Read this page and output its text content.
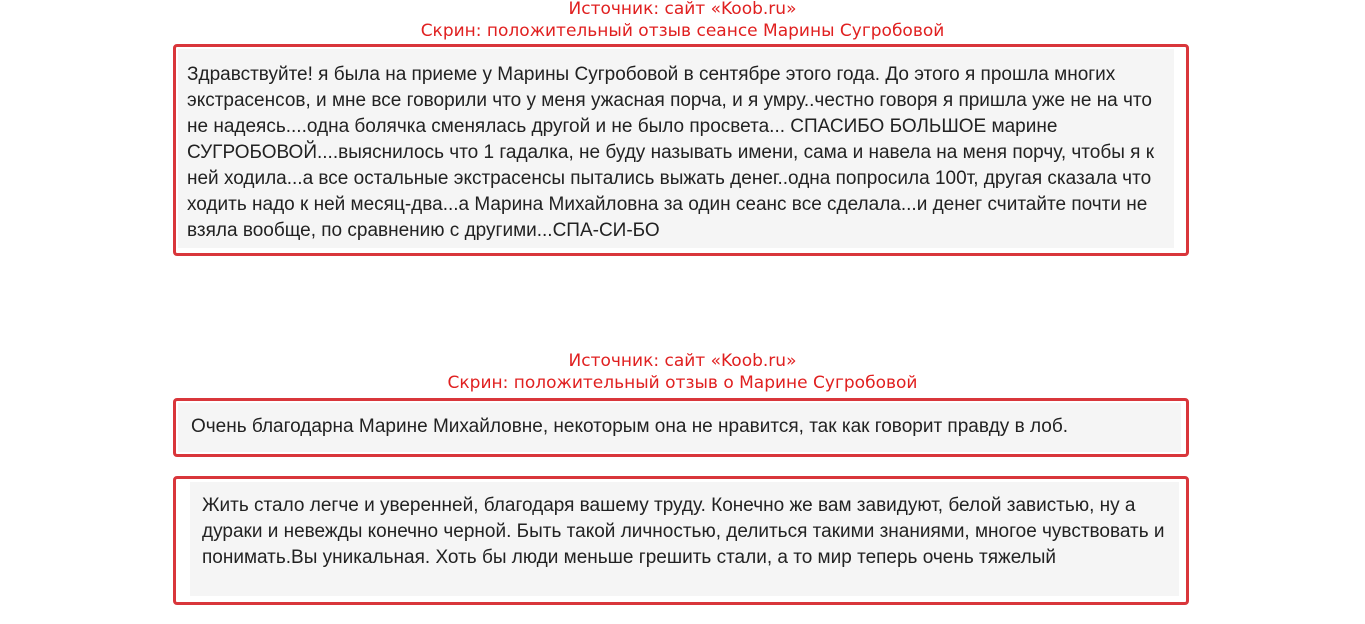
Источник: сайт «Koob.ru»
Скрин: положительный отзыв сеансе Марины Сугробовой
Здравствуйте! я была на приеме у Марины Сугробовой в сентябре этого года. До этого я прошла многих экстрасенсов, и мне все говорили что у меня ужасная порча, и я умру..честно говоря я пришла уже не на что не надеясь....одна болячка сменялась другой и не было просвета... СПАСИБО БОЛЬШОЕ марине СУГРОБОВОЙ....выяснилось что 1 гадалка, не буду называть имени, сама и навела на меня порчу, чтобы я к ней ходила...а все остальные экстрасенсы пытались выжать денег..одна попросила 100т, другая сказала что ходить надо к ней месяц-два...а Марина Михайловна за один сеанс все сделала...и денег считайте почти не взяла вообще, по сравнению с другими...СПА-СИ-БО
Источник: сайт «Koob.ru»
Скрин: положительный отзыв о Марине Сугробовой
Очень благодарна Марине Михайловне, некоторым она не нравится, так как говорит правду в лоб.
Жить стало легче и уверенней, благодаря вашему труду. Конечно же вам завидуют, белой завистью, ну а дураки и невежды конечно черной. Быть такой личностью, делиться такими знаниями, многое чувствовать и понимать.Вы уникальная. Хоть бы люди меньше грешить стали, а то мир теперь очень тяжелый
